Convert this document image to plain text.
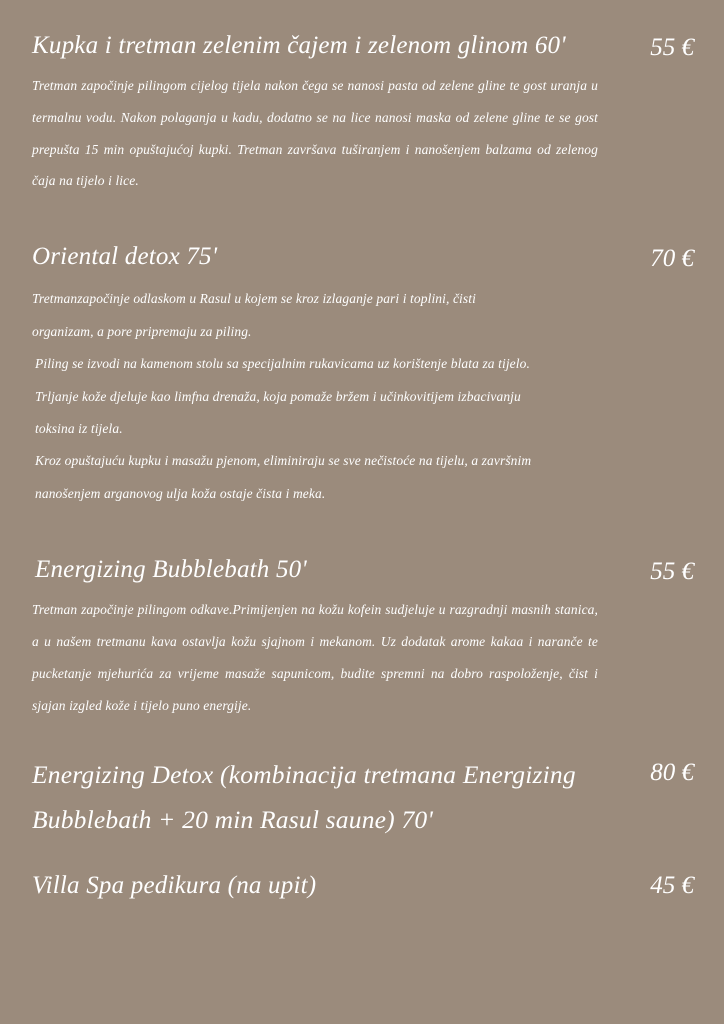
Kupka i tretman zelenim čajem i zelenom glinom 60'	55 €
Tretman započinje pilingom cijelog tijela nakon čega se nanosi pasta od zelene gline te gost uranja u termalnu vodu. Nakon polaganja u kadu, dodatno se na lice nanosi maska od zelene gline te se gost prepušta 15 min opuštajućoj kupki. Tretman završava tuširanjem i nanošenjem balzama od zelenog čaja na tijelo i lice.
Oriental detox 75'	70 €
Tretmanzapočinje odlaskom u Rasul u kojem se kroz izlaganje pari i toplini, čisti
organizam, a pore pripremaju za piling.
Piling se izvodi na kamenom stolu sa specijalnim rukavicama uz korištenje blata za tijelo.
Trljanje kože djeluje kao limfna drenaža, koja pomaže bržem i učinkovitijem izbacivanju
toksina iz tijela.
Kroz opuštajuću kupku i masažu pjenom, eliminiraju se sve nečistoće na tijelu, a završnim
nanošenjem arganovog ulja koža ostaje čista i meka.
Energizing Bubblebath 50'	55 €
Tretman započinje pilingom odkave.Primijenjen na kožu kofein sudjeluje u razgradnji masnih stanica, a u našem tretmanu kava ostavlja kožu sjajnom i mekanom. Uz dodatak arome kakaa i naranče te pucketanje mjehurića za vrijeme masaže sapunicom, budite spremni na dobro raspoloženje, čist i sjajan izgled kože i tijelo puno energije.
Energizing Detox (kombinacija tretmana Energizing Bubblebath + 20 min Rasul saune) 70'
80 €
Villa Spa pedikura (na upit)	45 €
